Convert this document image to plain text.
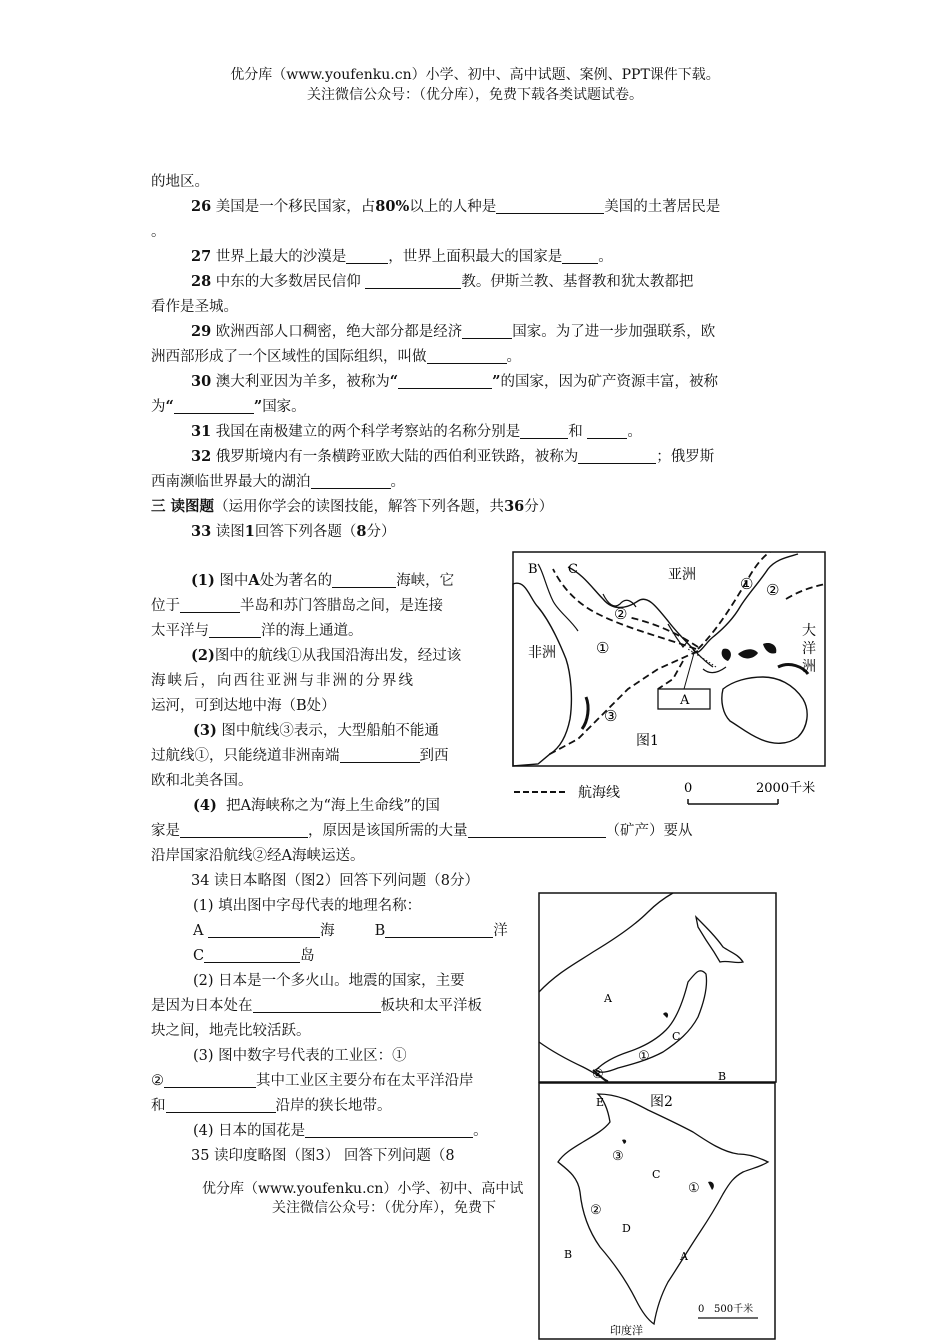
优分库（www.youfenku.cn）小学、初中、高中试题、案例、PPT课件下载。
关注微信公众号：（优分库），免费下载各类试题试卷。
的地区。
26 美国是一个移民国家，占80%以上的人种是	美国的土著居民是
。
27 世界上最大的沙漠是	，世界上面积最大的国家是 。
28 中东的大多数居民信仰	教。伊斯兰教、基督教和犹太教都把
看作是圣城。
29 欧洲西部人口稠密，绝大部分都是经济	国家。为了进一步加强联系，欧
洲西部形成了一个区域性的国际组织，叫做	。
30 澳大利亚因为羊多，被称为“	”的国家，因为矿产资源丰富，被称
为“	”国家。
31 我国在南极建立的两个科学考察站的名称分别是	和	。
32 俄罗斯境内有一条横跨亚欧大陆的西伯利亚铁路，被称为	；俄罗斯
西南濒临世界最大的湖泊	。
三 读图题（运用你学会的读图技能，解答下列各题，共36分）
33 读图1回答下列各题（8分）
(1) 图中A处为著名的	海峡，它
位于	半岛和苏门答腊岛之间，是连接
太平洋与	洋的海上通道。
(2)图中的航线①从我国沿海出发，经过该
海峡后，向西往亚洲与非洲的分界线
运河，可到达地中海（B处）
(3) 图中航线③表示，大型船舶不能通
过航线①，只能绕道非洲南端	到西
欧和北美各国。
(4) 把A海峡称之为“海上生命线”的国
家是	，原因是该国所需的大量	（矿产）要从
沿岸国家沿航线②经A海峡运送。
34 读日本略图（图2）回答下列问题（8分）
(1) 填出图中字母代表的地理名称：
A	海	B	洋
C	岛
(2) 日本是一个多火山。地震的国家，主要
是因为日本处在	板块和太平洋板
块之间，地壳比较活跃。
(3) 图中数字号代表的工业区：①
②	其中工业区主要分布在太平洋沿岸
和	沿岸的狭长地带。
(4) 日本的国花是	。
35 读印度略图（图3） 回答下列问题（8
优分库（www.youfenku.cn）小学、初中、高中试
关注微信公众号：（优分库），免费下
A
B C	亚洲
非洲
大
洋
洲
①
②
① ②
③
图1
航海线	0	2000千米
A
B
C
①
②
图2
E
C
D
B	A
①
②
③
印度洋
0 500千米
